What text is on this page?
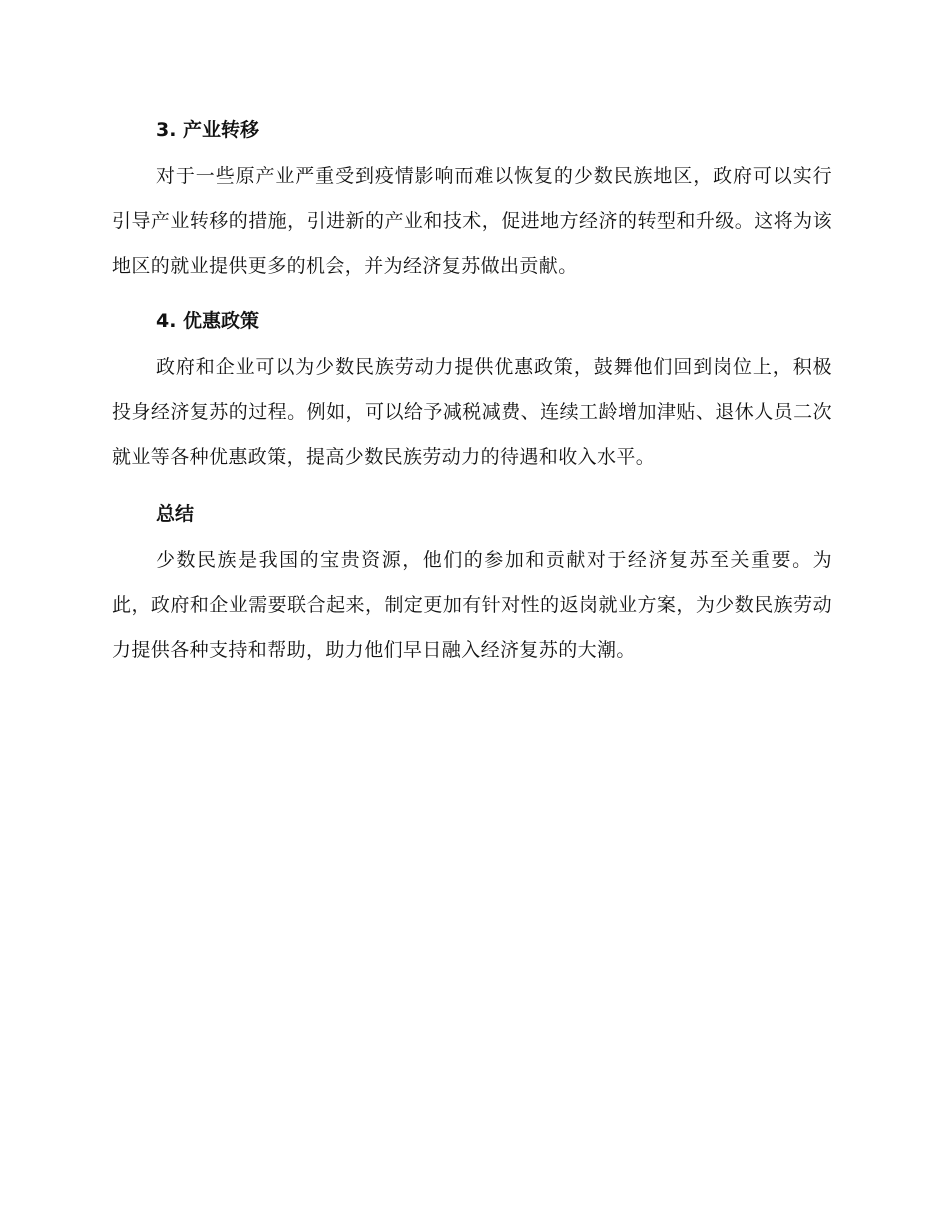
3. 产业转移

对于一些原产业严重受到疫情影响而难以恢复的少数民族地区，政府可以实行引导产业转移的措施，引进新的产业和技术，促进地方经济的转型和升级。这将为该地区的就业提供更多的机会，并为经济复苏做出贡献。

4. 优惠政策

政府和企业可以为少数民族劳动力提供优惠政策，鼓舞他们回到岗位上，积极投身经济复苏的过程。例如，可以给予减税减费、连续工龄增加津贴、退休人员二次就业等各种优惠政策，提高少数民族劳动力的待遇和收入水平。

总结

少数民族是我国的宝贵资源，他们的参加和贡献对于经济复苏至关重要。为此，政府和企业需要联合起来，制定更加有针对性的返岗就业方案，为少数民族劳动力提供各种支持和帮助，助力他们早日融入经济复苏的大潮。
